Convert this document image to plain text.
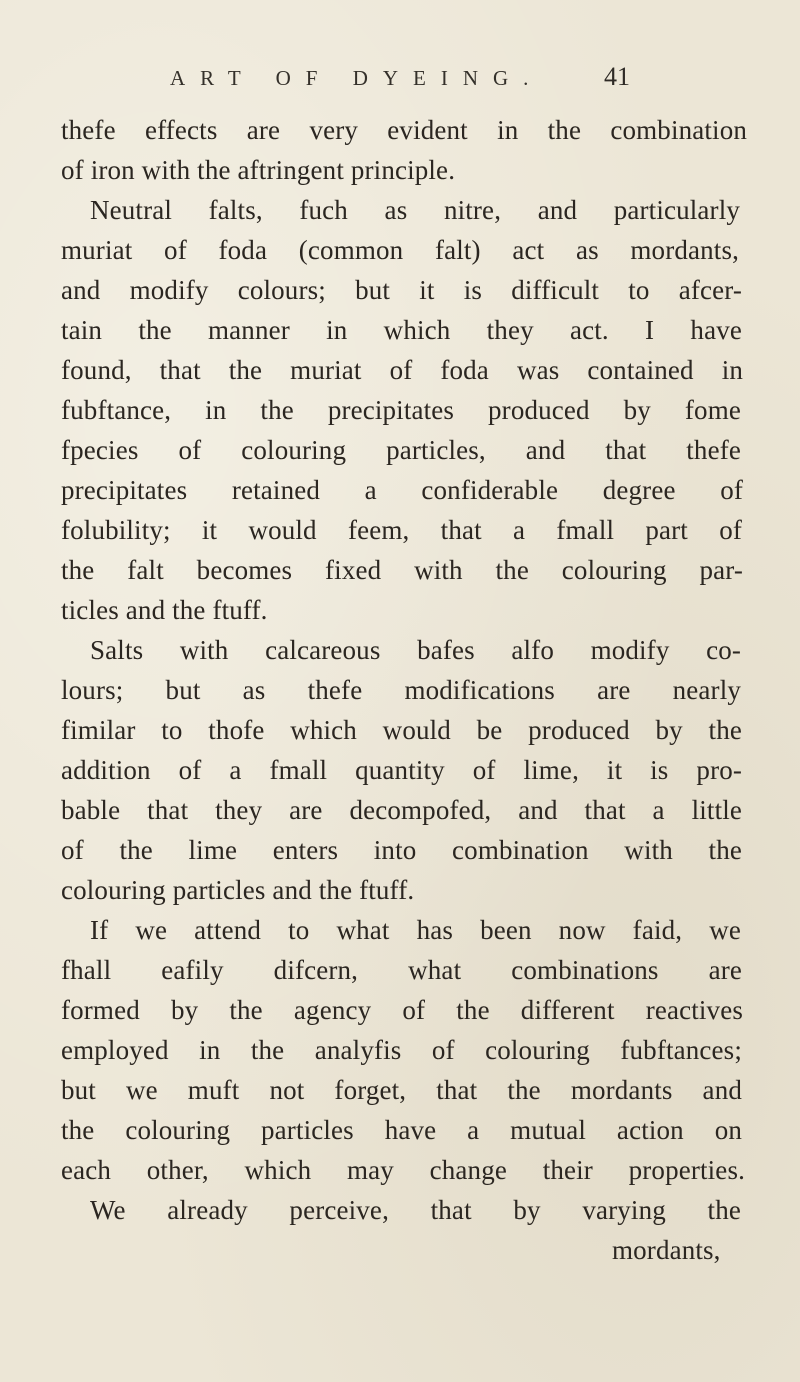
ART OF DYEING. 41
thefe effects are very evident in the combination
of iron with the aftringent principle.
Neutral falts, fuch as nitre, and particularly
muriat of foda (common falt) act as mordants,
and modify colours; but it is difficult to afcer-
tain the manner in which they act. I have
found, that the muriat of foda was contained in
fubftance, in the precipitates produced by fome
fpecies of colouring particles, and that thefe
precipitates retained a confiderable degree of
folubility; it would feem, that a fmall part of
the falt becomes fixed with the colouring par-
ticles and the ftuff.
Salts with calcareous bafes alfo modify co-
lours; but as thefe modifications are nearly
fimilar to thofe which would be produced by the
addition of a fmall quantity of lime, it is pro-
bable that they are decompofed, and that a little
of the lime enters into combination with the
colouring particles and the ftuff.
If we attend to what has been now faid, we
fhall eafily difcern, what combinations are
formed by the agency of the different reactives
employed in the analyfis of colouring fubftances;
but we muft not forget, that the mordants and
the colouring particles have a mutual action on
each other, which may change their properties.
We already perceive, that by varying the
mordants,
